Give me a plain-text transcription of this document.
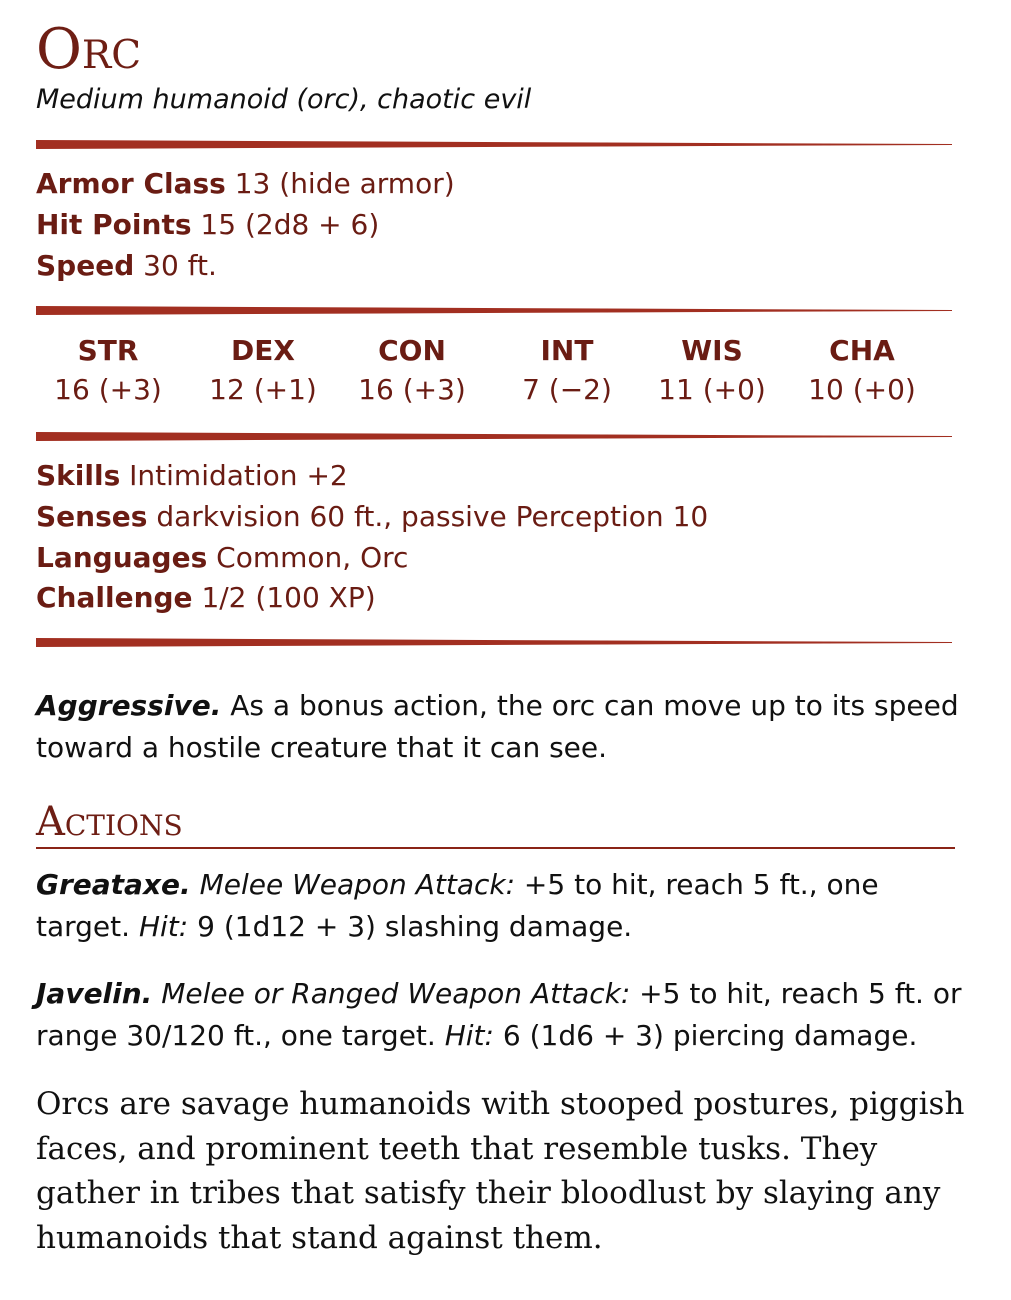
Orc
Medium humanoid (orc), chaotic evil
Armor Class 13 (hide armor)
Hit Points 15 (2d8 + 6)
Speed 30 ft.
STR
16 (+3)
DEX
12 (+1)
CON
16 (+3)
INT
7 (−2)
WIS
11 (+0)
CHA
10 (+0)
Skills Intimidation +2
Senses darkvision 60 ft., passive Perception 10
Languages Common, Orc
Challenge 1/2 (100 XP)
Aggressive. As a bonus action, the orc can move up to its speed toward a hostile creature that it can see.
Actions
Greataxe. Melee Weapon Attack: +5 to hit, reach 5 ft., one target. Hit: 9 (1d12 + 3) slashing damage.
Javelin. Melee or Ranged Weapon Attack: +5 to hit, reach 5 ft. or range 30/120 ft., one target. Hit: 6 (1d6 + 3) piercing damage.
Orcs are savage humanoids with stooped postures, piggish faces, and prominent teeth that resemble tusks. They gather in tribes that satisfy their bloodlust by slaying any humanoids that stand against them.
